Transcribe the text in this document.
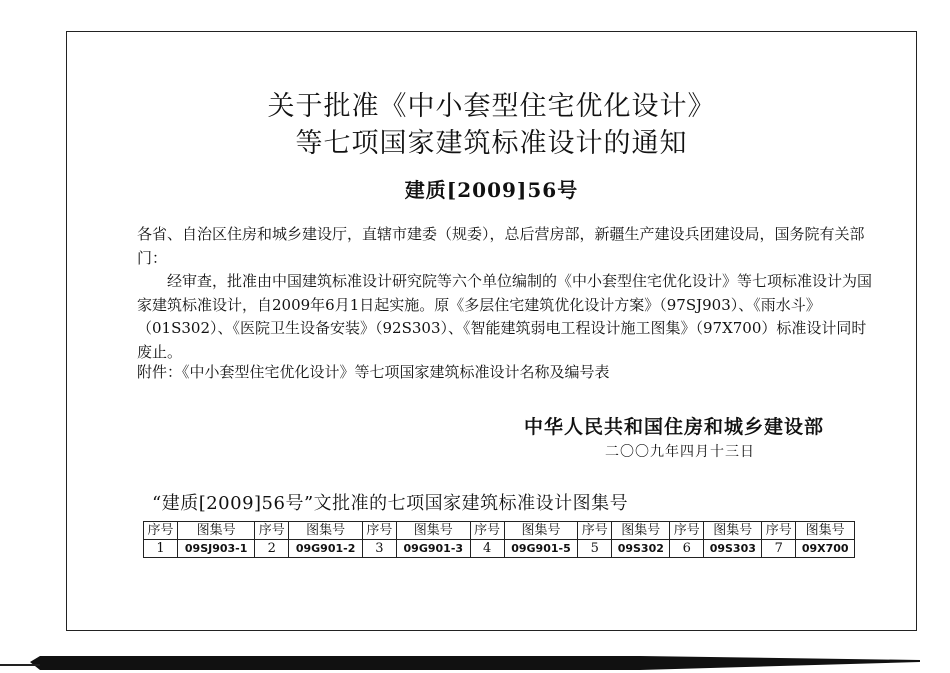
关于批准《中小套型住宅优化设计》
等七项国家建筑标准设计的通知
建质[2009]56号

各省、自治区住房和城乡建设厅，直辖市建委（规委），总后营房部，新疆生产建设兵团建设局，国务院有关部门：

经审查，批准由中国建筑标准设计研究院等六个单位编制的《中小套型住宅优化设计》等七项标准设计为国家建筑标准设计，自2009年6月1日起实施。原《多层住宅建筑优化设计方案》（97SJ903）、《雨水斗》（01S302）、《医院卫生设备安装》（92S303）、《智能建筑弱电工程设计施工图集》（97X700）标准设计同时废止。

附件：《中小套型住宅优化设计》等七项国家建筑标准设计名称及编号表
中华人民共和国住房和城乡建设部
二〇〇九年四月十三日
“建质[2009]56号”文批准的七项国家建筑标准设计图集号
序号	图集号	序号	图集号	序号	图集号	序号	图集号	序号	图集号	序号	图集号	序号	图集号
1	09SJ903-1	2	09G901-2	3	09G901-3	4	09G901-5	5	09S302	6	09S303	7	09X700
